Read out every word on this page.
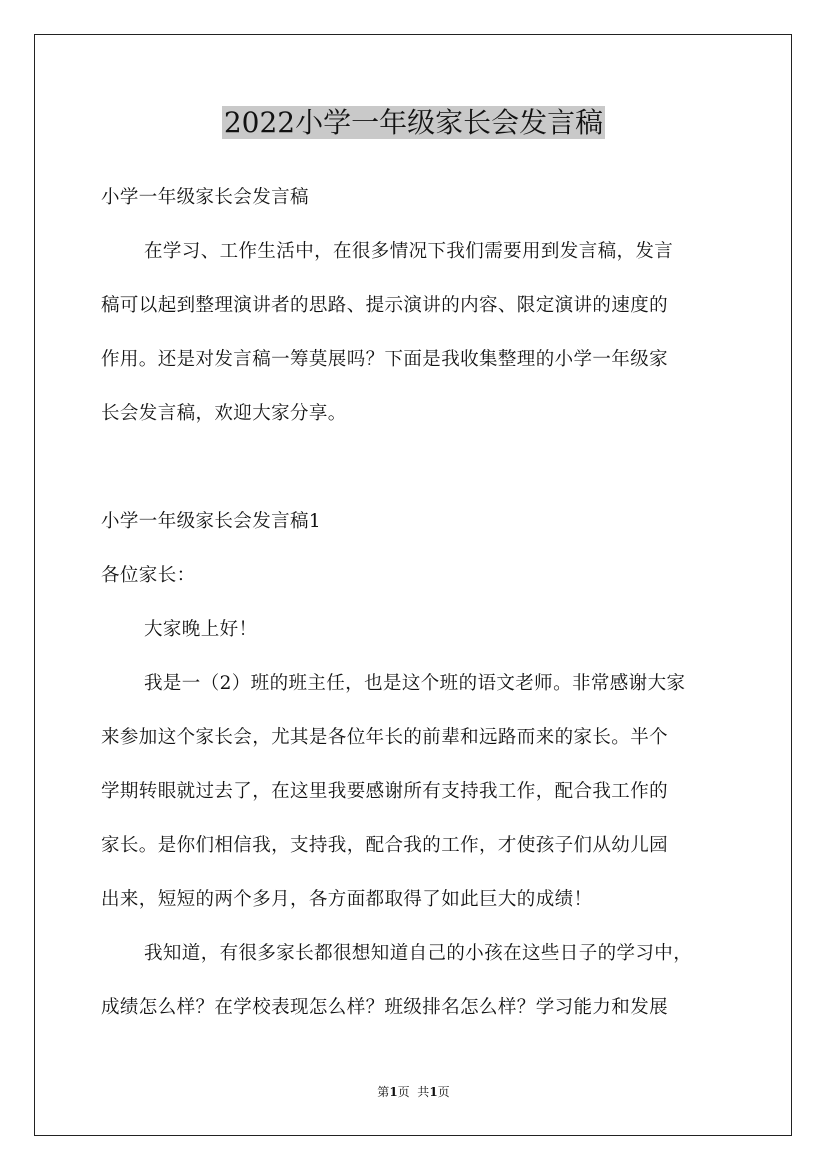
2022小学一年级家长会发言稿
小学一年级家长会发言稿
在学习、工作生活中，在很多情况下我们需要用到发言稿，发言
稿可以起到整理演讲者的思路、提示演讲的内容、限定演讲的速度的
作用。还是对发言稿一筹莫展吗？下面是我收集整理的小学一年级家
长会发言稿，欢迎大家分享。
小学一年级家长会发言稿1
各位家长：
大家晚上好！
我是一（2）班的班主任，也是这个班的语文老师。非常感谢大家
来参加这个家长会，尤其是各位年长的前辈和远路而来的家长。半个
学期转眼就过去了，在这里我要感谢所有支持我工作，配合我工作的
家长。是你们相信我，支持我，配合我的工作，才使孩子们从幼儿园
出来，短短的两个多月，各方面都取得了如此巨大的成绩！
我知道，有很多家长都很想知道自己的小孩在这些日子的学习中，
成绩怎么样？在学校表现怎么样？班级排名怎么样？学习能力和发展
第1页  共1页
